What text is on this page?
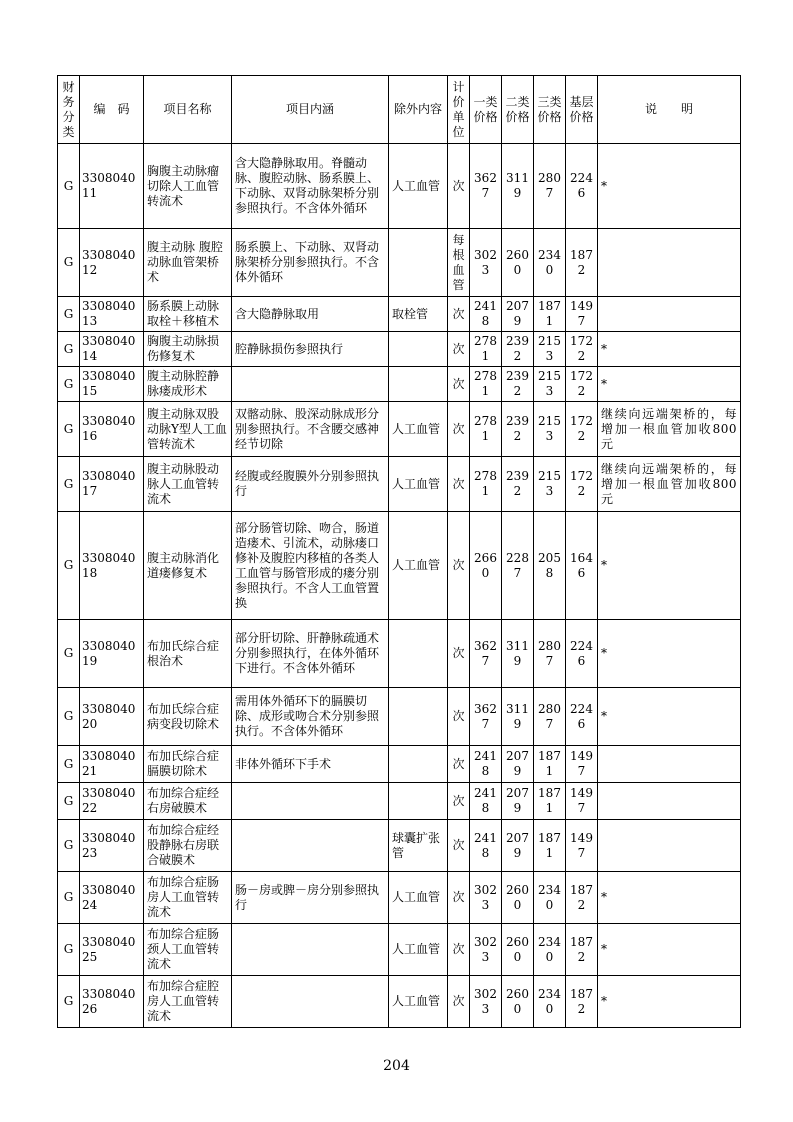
财务分类	编　码	项目名称	项目内涵	除外内容	计价单位	一类价格	二类价格	三类价格	基层价格	说　　明
G	330804011	胸腹主动脉瘤切除人工血管转流术	含大隐静脉取用。脊髓动脉、腹腔动脉、肠系膜上、下动脉、双肾动脉架桥分别参照执行。不含体外循环	人工血管	次	3627	3119	2807	2246	*
G	330804012	腹主动脉 腹腔动脉血管架桥术	肠系膜上、下动脉、双肾动脉架桥分别参照执行。不含体外循环		每根血管	3023	2600	2340	1872	
G	330804013	肠系膜上动脉取栓＋移植术	含大隐静脉取用	取栓管	次	2418	2079	1871	1497	
G	330804014	胸腹主动脉损伤修复术	腔静脉损伤参照执行		次	2781	2392	2153	1722	*
G	330804015	腹主动脉腔静脉瘘成形术			次	2781	2392	2153	1722	*
G	330804016	腹主动脉双股动脉Y型人工血管转流术	双髂动脉、股深动脉成形分别参照执行。不含腰交感神经节切除	人工血管	次	2781	2392	2153	1722	继续向远端架桥的，每增加一根血管加收800元
G	330804017	腹主动脉股动脉人工血管转流术	经腹或经腹膜外分别参照执行	人工血管	次	2781	2392	2153	1722	继续向远端架桥的，每增加一根血管加收800元
G	330804018	腹主动脉消化道瘘修复术	部分肠管切除、吻合，肠道造瘘术、引流术，动脉瘘口修补及腹腔内移植的各类人工血管与肠管形成的瘘分别参照执行。不含人工血管置换	人工血管	次	2660	2287	2058	1646	*
G	330804019	布加氏综合症根治术	部分肝切除、肝静脉疏通术分别参照执行，在体外循环下进行。不含体外循环		次	3627	3119	2807	2246	*
G	330804020	布加氏综合症病变段切除术	需用体外循环下的膈膜切除、成形或吻合术分别参照执行。不含体外循环		次	3627	3119	2807	2246	*
G	330804021	布加氏综合症膈膜切除术	非体外循环下手术		次	2418	2079	1871	1497	
G	330804022	布加综合症经右房破膜术			次	2418	2079	1871	1497	
G	330804023	布加综合症经股静脉右房联合破膜术		球囊扩张管	次	2418	2079	1871	1497	
G	330804024	布加综合症肠房人工血管转流术	肠－房或脾－房分别参照执行	人工血管	次	3023	2600	2340	1872	*
G	330804025	布加综合症肠颈人工血管转流术		人工血管	次	3023	2600	2340	1872	*
G	330804026	布加综合症腔房人工血管转流术		人工血管	次	3023	2600	2340	1872	*
204
